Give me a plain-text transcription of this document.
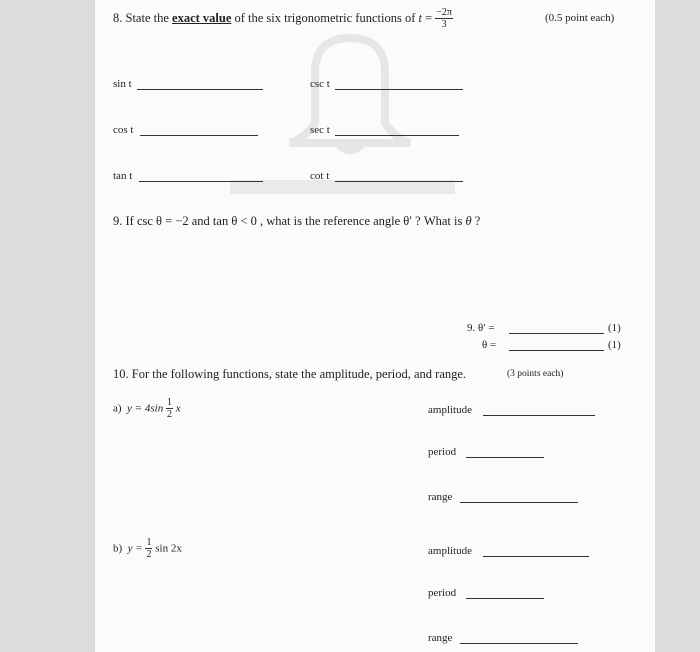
8. State the exact value of the six trigonometric functions of $t = \frac{-2\pi}{3}$	(0.5 point each)
sin t	csc t
cos t	sec t
tan t	cot t
9. If csc θ = −2 and tan θ < 0 , what is the reference angle θ′ ? What is θ ?
9. θ′ =	(1)
θ =	(1)
10. For the following functions, state the amplitude, period, and range.	(3 points each)
a) $y = 4\sin \frac{1}{2}$ x	amplitude
period
range
b) $y = \frac{1}{2}$ sin 2x	amplitude
period
range
